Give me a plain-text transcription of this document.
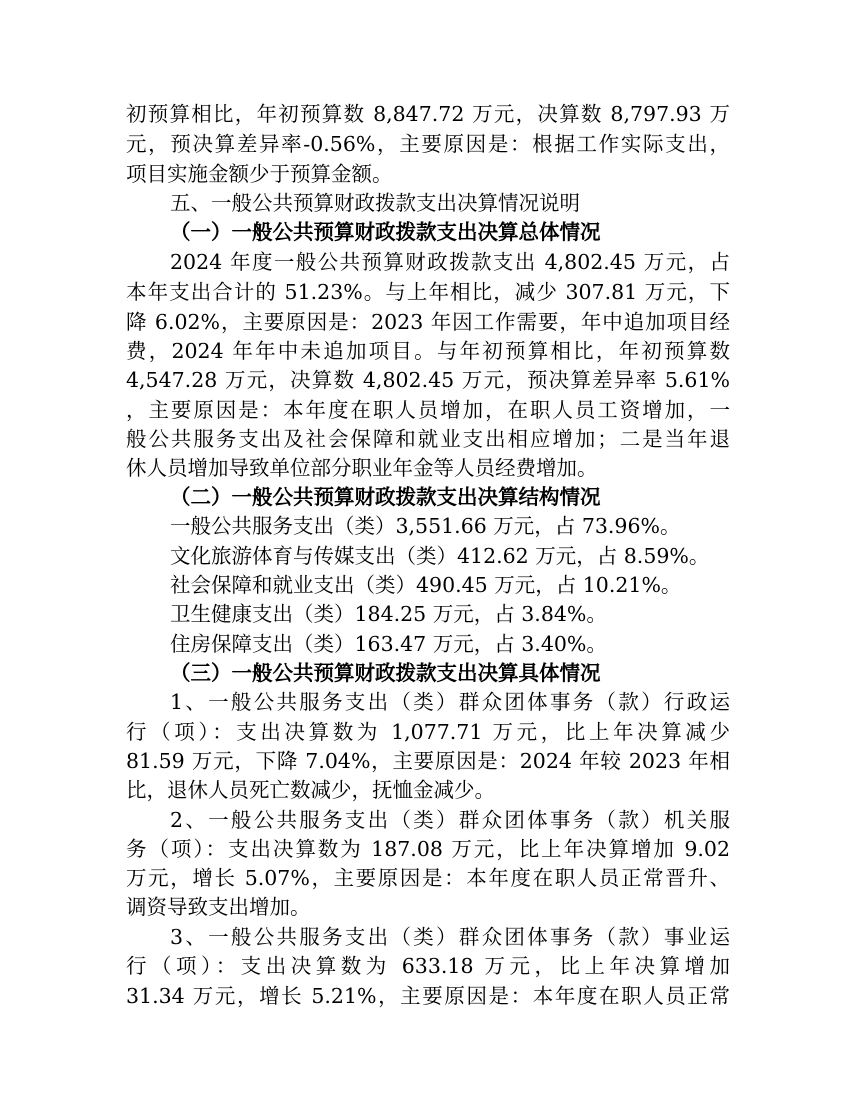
初预算相比，年初预算数 8,847.72 万元，决算数 8,797.93 万
元，预决算差异率-0.56%，主要原因是：根据工作实际支出，
项目实施金额少于预算金额。
五、一般公共预算财政拨款支出决算情况说明
（一）一般公共预算财政拨款支出决算总体情况
2024 年度一般公共预算财政拨款支出 4,802.45 万元，占
本年支出合计的 51.23%。与上年相比，减少 307.81 万元，下
降 6.02%，主要原因是：2023 年因工作需要，年中追加项目经
费，2024 年年中未追加项目。与年初预算相比，年初预算数
4,547.28 万元，决算数 4,802.45 万元，预决算差异率 5.61%
，主要原因是：本年度在职人员增加，在职人员工资增加，一
般公共服务支出及社会保障和就业支出相应增加；二是当年退
休人员增加导致单位部分职业年金等人员经费增加。
（二）一般公共预算财政拨款支出决算结构情况
一般公共服务支出（类）3,551.66 万元，占 73.96%。
文化旅游体育与传媒支出（类）412.62 万元，占 8.59%。
社会保障和就业支出（类）490.45 万元，占 10.21%。
卫生健康支出（类）184.25 万元，占 3.84%。
住房保障支出（类）163.47 万元，占 3.40%。
（三）一般公共预算财政拨款支出决算具体情况
1、一般公共服务支出（类）群众团体事务（款）行政运
行（项）：支出决算数为 1,077.71 万元，比上年决算减少
81.59 万元，下降 7.04%，主要原因是：2024 年较 2023 年相
比，退休人员死亡数减少，抚恤金减少。
2、一般公共服务支出（类）群众团体事务（款）机关服
务（项）：支出决算数为 187.08 万元，比上年决算增加 9.02
万元，增长 5.07%，主要原因是：本年度在职人员正常晋升、
调资导致支出增加。
3、一般公共服务支出（类）群众团体事务（款）事业运
行（项）：支出决算数为 633.18 万元，比上年决算增加
31.34 万元，增长 5.21%，主要原因是：本年度在职人员正常
